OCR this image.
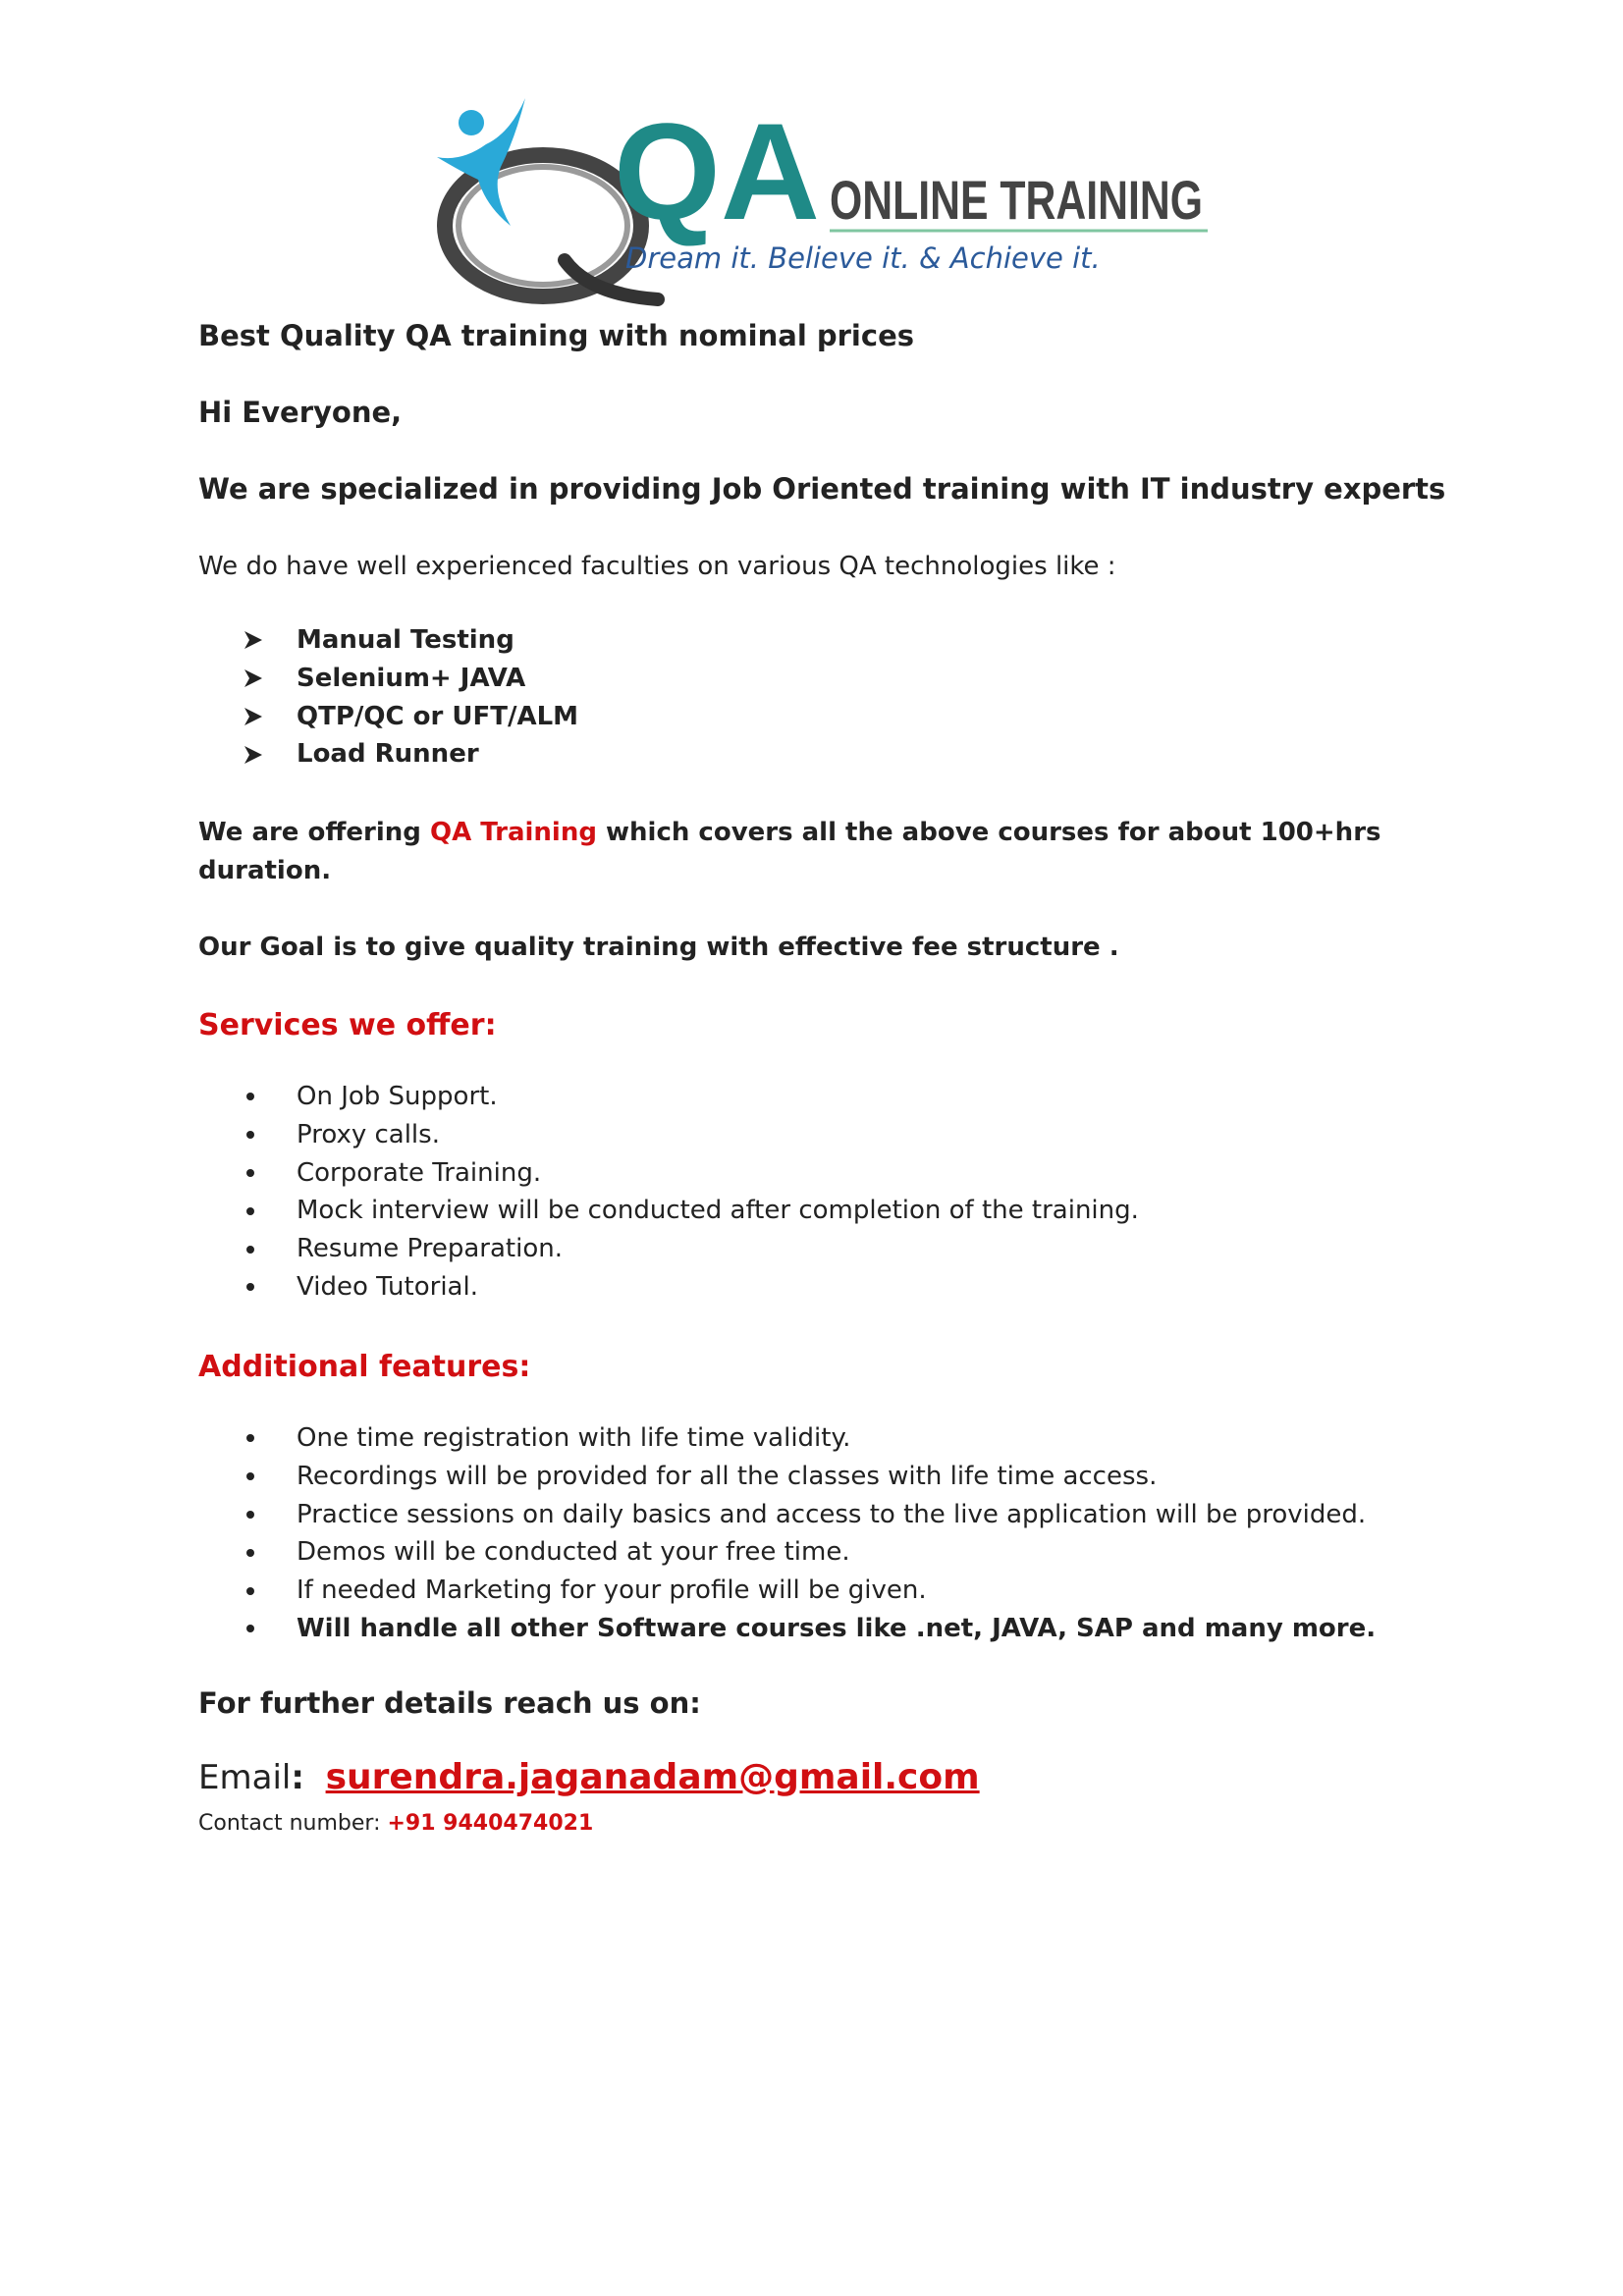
QA ONLINE TRAINING
Dream it. Believe it. & Achieve it.
Best Quality QA training with nominal prices
Hi Everyone,
We are specialized in providing Job Oriented training with IT industry experts
We do have well experienced faculties on various QA technologies like :
Manual Testing
Selenium+ JAVA
QTP/QC or UFT/ALM
Load Runner
We are offering QA Training which covers all the above courses for about 100+hrs
duration.
Our Goal is to give quality training with effective fee structure .
Services we offer:
On Job Support.
Proxy calls.
Corporate Training.
Mock interview will be conducted after completion of the training.
Resume Preparation.
Video Tutorial.
Additional features:
One time registration with life time validity.
Recordings will be provided for all the classes with life time access.
Practice sessions on daily basics and access to the live application will be provided.
Demos will be conducted at your free time.
If needed Marketing for your profile will be given.
Will handle all other Software courses like .net, JAVA, SAP and many more.
For further details reach us on:
Email: surendra.jaganadam@gmail.com
Contact number: +91 9440474021
